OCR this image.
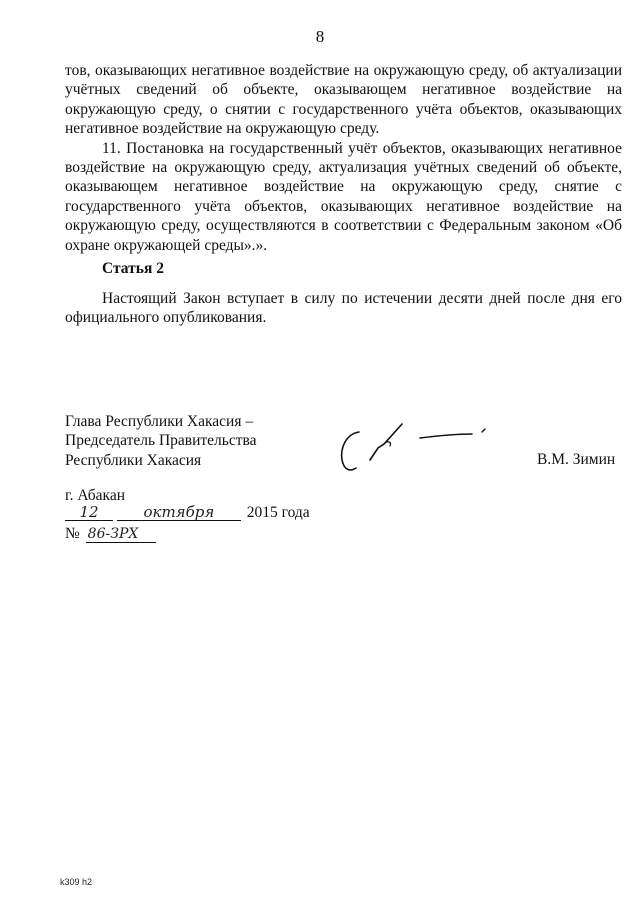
8

тов, оказывающих негативное воздействие на окружающую среду, об актуализации учётных сведений об объекте, оказывающем негативное воздействие на окружающую среду, о снятии с государственного учёта объектов, оказывающих негативное воздействие на окружающую среду.

11. Постановка на государственный учёт объектов, оказывающих негативное воздействие на окружающую среду, актуализация учётных сведений об объекте, оказывающем негативное воздействие на окружающую среду, снятие с государственного учёта объектов, оказывающих негативное воздействие на окружающую среду, осуществляются в соответствии с Федеральным законом «Об охране окружающей среды».».

Статья 2

Настоящий Закон вступает в силу по истечении десяти дней после дня его официального опубликования.

Глава Республики Хакасия –
Председатель Правительства
Республики Хакасия	В.М. Зимин
г. Абакан
12	октября 2015 года
№ 86-ЗРХ
k309 h2
